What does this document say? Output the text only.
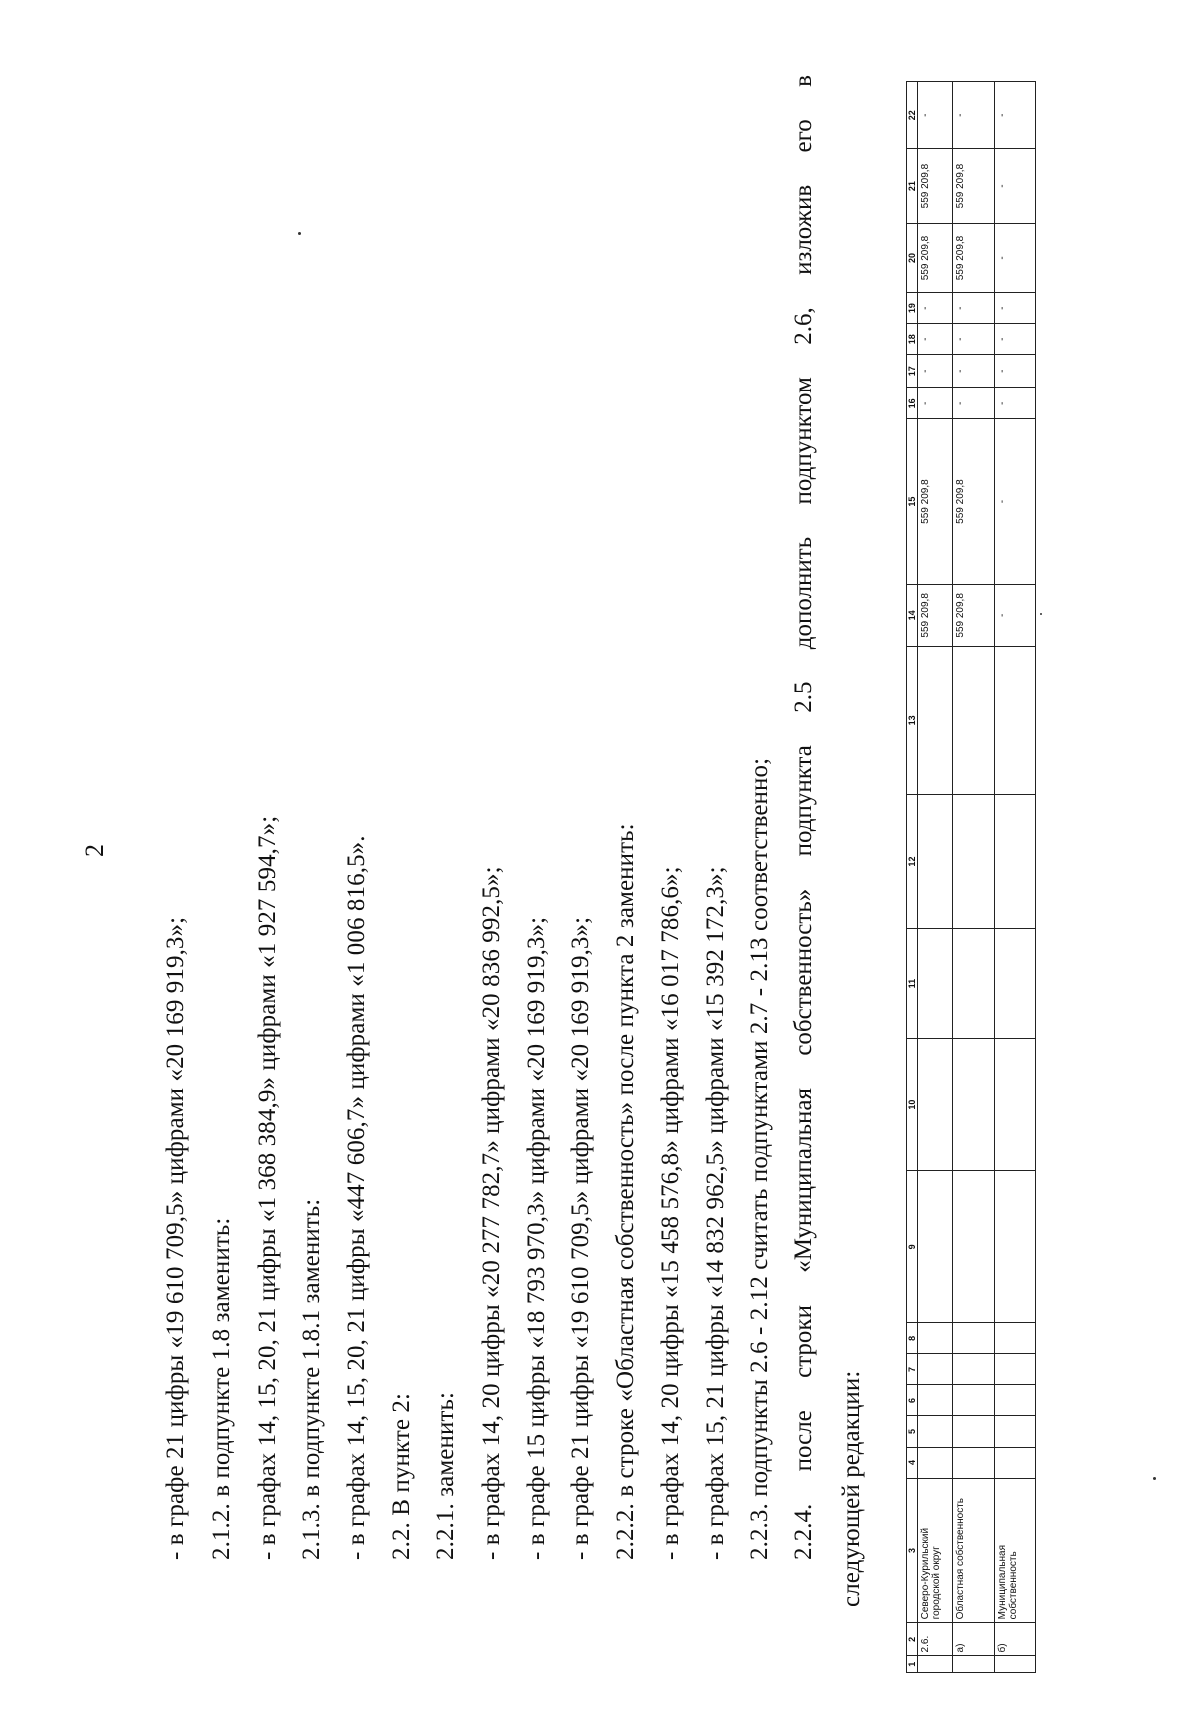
2
- в графе 21 цифры «19 610 709,5» цифрами «20 169 919,3»; 2.1.2. в подпункте 1.8 заменить: - в графах 14, 15, 20, 21 цифры «1 368 384,9» цифрами «1 927 594,7»; 2.1.3. в подпункте 1.8.1 заменить: - в графах 14, 15, 20, 21 цифры «447 606,7» цифрами «1 006 816,5». 2.2. В пункте 2: 2.2.1. заменить: - в графах 14, 20 цифры «20 277 782,7» цифрами «20 836 992,5»; - в графе 15 цифры «18 793 970,3» цифрами «20 169 919,3»; - в графе 21 цифры «19 610 709,5» цифрами «20 169 919,3»; 2.2.2. в строке «Областная собственность» после пункта 2 заменить: - в графах 14, 20 цифры «15 458 576,8» цифрами «16 017 786,6»; - в графах 15, 21 цифры «14 832 962,5» цифрами «15 392 172,3»; 2.2.3. подпункты 2.6 - 2.12 считать подпунктами 2.7 - 2.13 соответственно; 2.2.4.
после
строки
«Муниципальная
собственность»
подпункта
2.5
дополнить
подпунктом
2.6,
изложив
его
в
следующей редакции:
1	2	3	4	5	6	7	8	9	10	11	12	13	14	15	16	17	18	19	20	21	22
	2.6.	Северо-Курильский городской округ											559 209,8	559 209,8	-	-	-	-	559 209,8	559 209,8	-
	а)	Областная собственность											559 209,8	559 209,8	-	-	-	-	559 209,8	559 209,8	-
	б)	Муниципальная собственность											-	-	-	-	-	-	-	-	-
